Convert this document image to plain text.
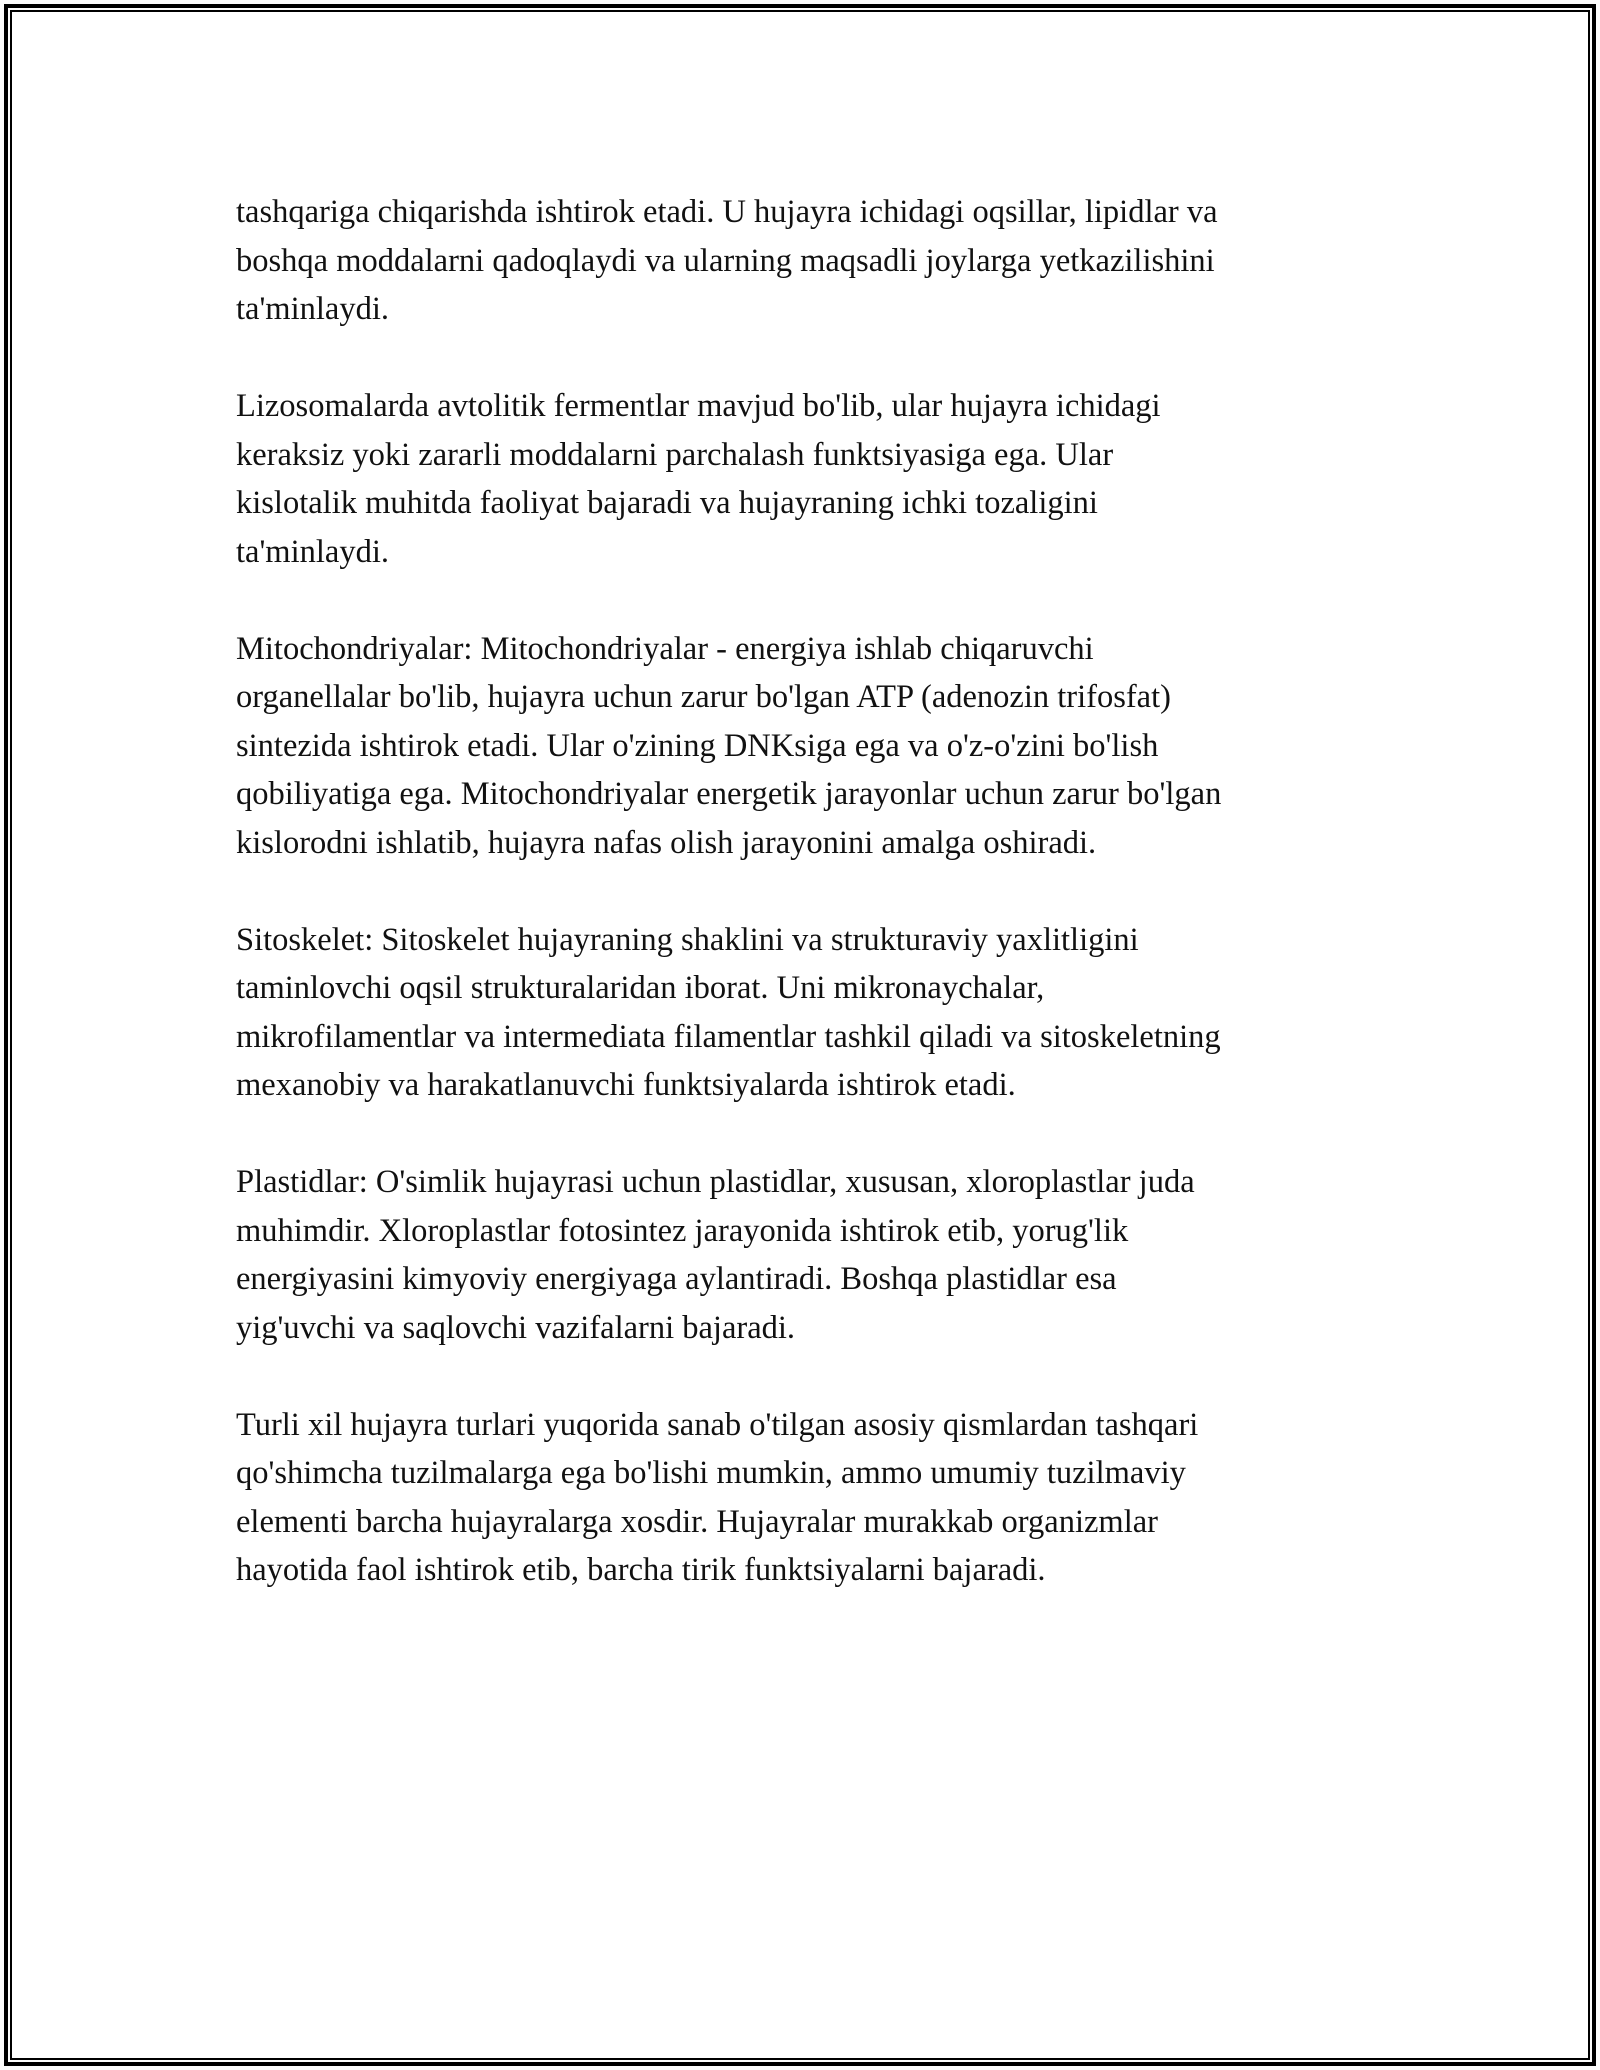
tashqariga chiqarishda ishtirok etadi. U hujayra ichidagi oqsillar, lipidlar va
boshqa moddalarni qadoqlaydi va ularning maqsadli joylarga yetkazilishini
ta'minlaydi.

Lizosomalarda avtolitik fermentlar mavjud bo'lib, ular hujayra ichidagi
keraksiz yoki zararli moddalarni parchalash funktsiyasiga ega. Ular
kislotalik muhitda faoliyat bajaradi va hujayraning ichki tozaligini
ta'minlaydi.

Mitochondriyalar: Mitochondriyalar - energiya ishlab chiqaruvchi
organellalar bo'lib, hujayra uchun zarur bo'lgan ATP (adenozin trifosfat)
sintezida ishtirok etadi. Ular o'zining DNKsiga ega va o'z-o'zini bo'lish
qobiliyatiga ega. Mitochondriyalar energetik jarayonlar uchun zarur bo'lgan
kislorodni ishlatib, hujayra nafas olish jarayonini amalga oshiradi.

Sitoskelet: Sitoskelet hujayraning shaklini va strukturaviy yaxlitligini
taminlovchi oqsil strukturalaridan iborat. Uni mikronaychalar,
mikrofilamentlar va intermediata filamentlar tashkil qiladi va sitoskeletning
mexanobiy va harakatlanuvchi funktsiyalarda ishtirok etadi.

Plastidlar: O'simlik hujayrasi uchun plastidlar, xususan, xloroplastlar juda
muhimdir. Xloroplastlar fotosintez jarayonida ishtirok etib, yorug'lik
energiyasini kimyoviy energiyaga aylantiradi. Boshqa plastidlar esa
yig'uvchi va saqlovchi vazifalarni bajaradi.

Turli xil hujayra turlari yuqorida sanab o'tilgan asosiy qismlardan tashqari
qo'shimcha tuzilmalarga ega bo'lishi mumkin, ammo umumiy tuzilmaviy
elementi barcha hujayralarga xosdir. Hujayralar murakkab organizmlar
hayotida faol ishtirok etib, barcha tirik funktsiyalarni bajaradi.
